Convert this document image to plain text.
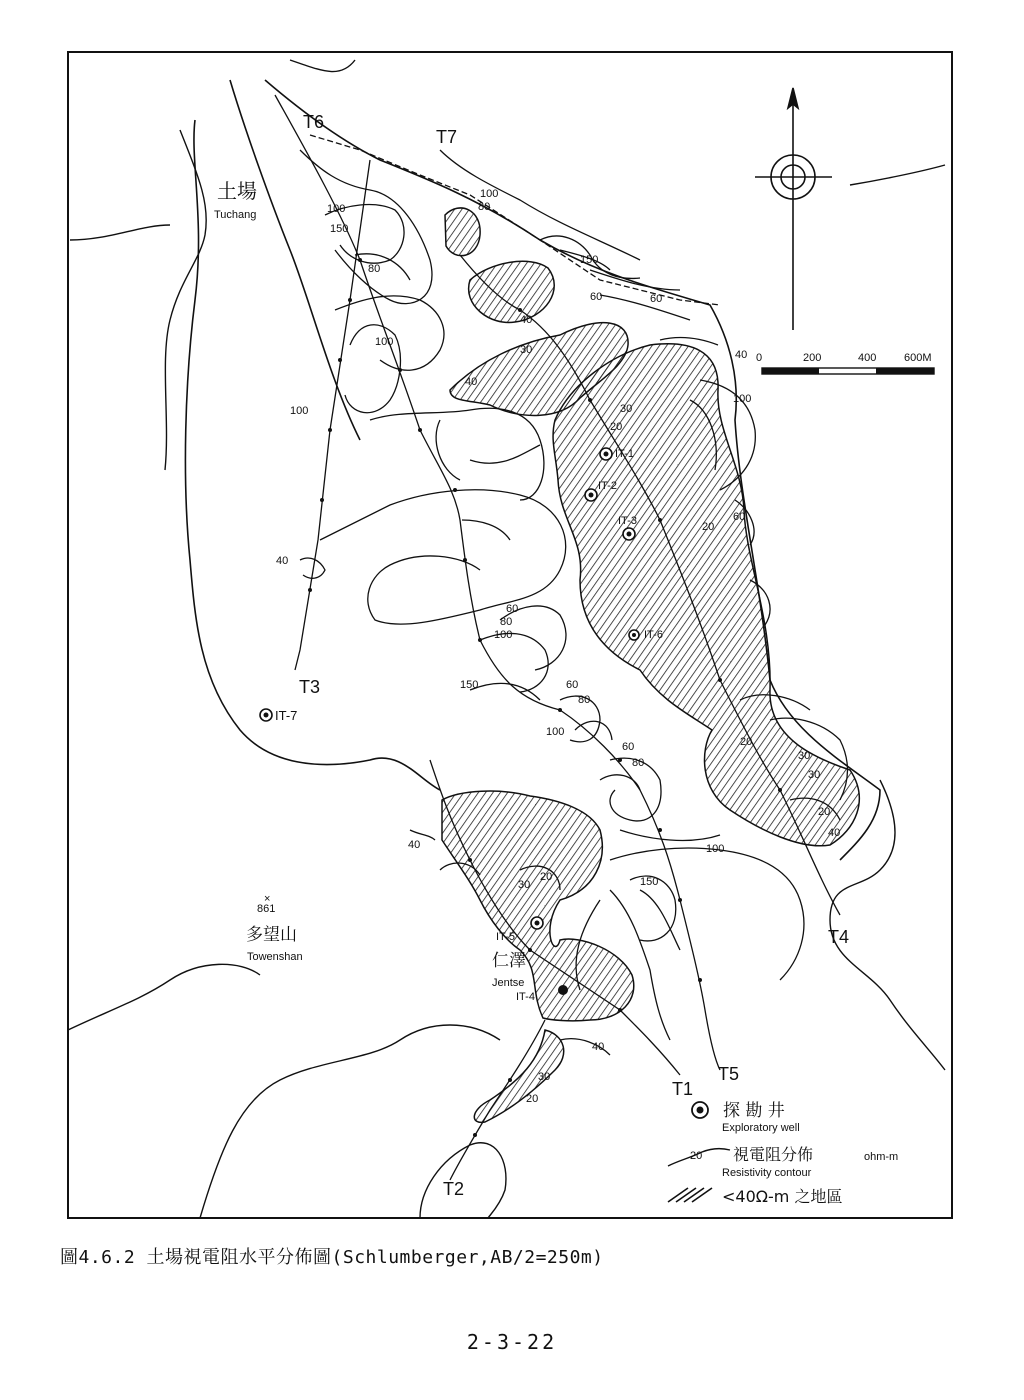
IT-1
IT-2
IT-3
IT-4
IT-5
IT-6
IT-7
T6
T7
T3
T4
T5
T1
T2
100
150
80
40
30
20
60
100
150
80
60
40
30
20
100
100
40
60
80
100
150	60
80
100
60
80
40
30
20
30
20
40
60
100
150
40
30
20
100
30
20
40
土場
Tuchang
861
多望山
Towenshan	仁澤
Jentse
×
0	200	400	600M
探 勘 井
Exploratory well
20 視電阻分佈	ohm-m
Resistivity contour
<40Ω-m 之地區
圖4.6.2 土場視電阻水平分佈圖(Schlumberger,AB/2=250m)
2-3-22
